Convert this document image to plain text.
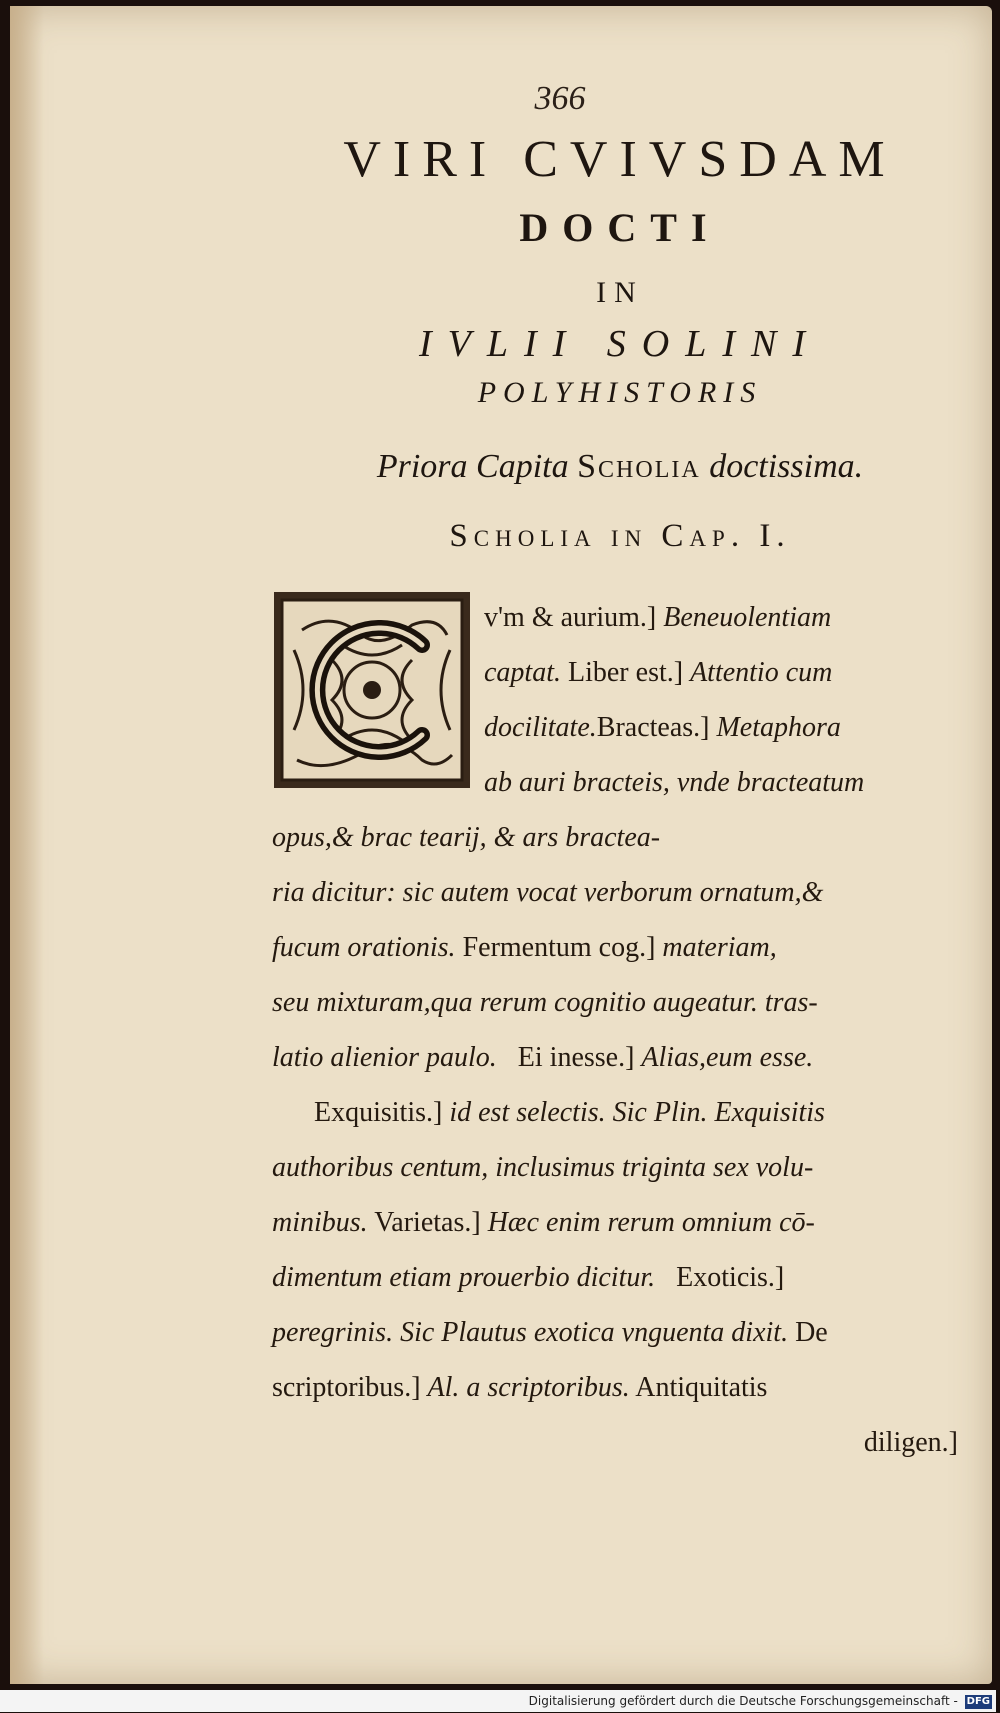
366
VIRI CVIVSDAM
DOCTI
IN
IVLII SOLINI
POLYHISTORIS
Priora Capita Scholia doctissima.
Scholia in Cap. I.
v'm & aurium.] Beneuolentiam
captat. Liber est.] Attentio cum
docilitate.Bracteas.] Metaphora
ab auri bracteis, vnde bracteatum
opus,& brac tearij, & ars bractea-
ria dicitur: sic autem vocat verborum ornatum,&
fucum orationis. Fermentum cog.] materiam,
seu mixturam,qua rerum cognitio augeatur. tras-
latio alienior paulo. Ei inesse.] Alias,eum esse.
Exquisitis.] id est selectis. Sic Plin. Exquisitis
authoribus centum, inclusimus triginta sex volu-
minibus. Varietas.] Hæc enim rerum omnium cō-
dimentum etiam prouerbio dicitur. Exoticis.]
peregrinis. Sic Plautus exotica vnguenta dixit. De
scriptoribus.] Al. a scriptoribus. Antiquitatis
diligen.]
Digitalisierung gefördert durch die Deutsche Forschungsgemeinschaft - DFG
